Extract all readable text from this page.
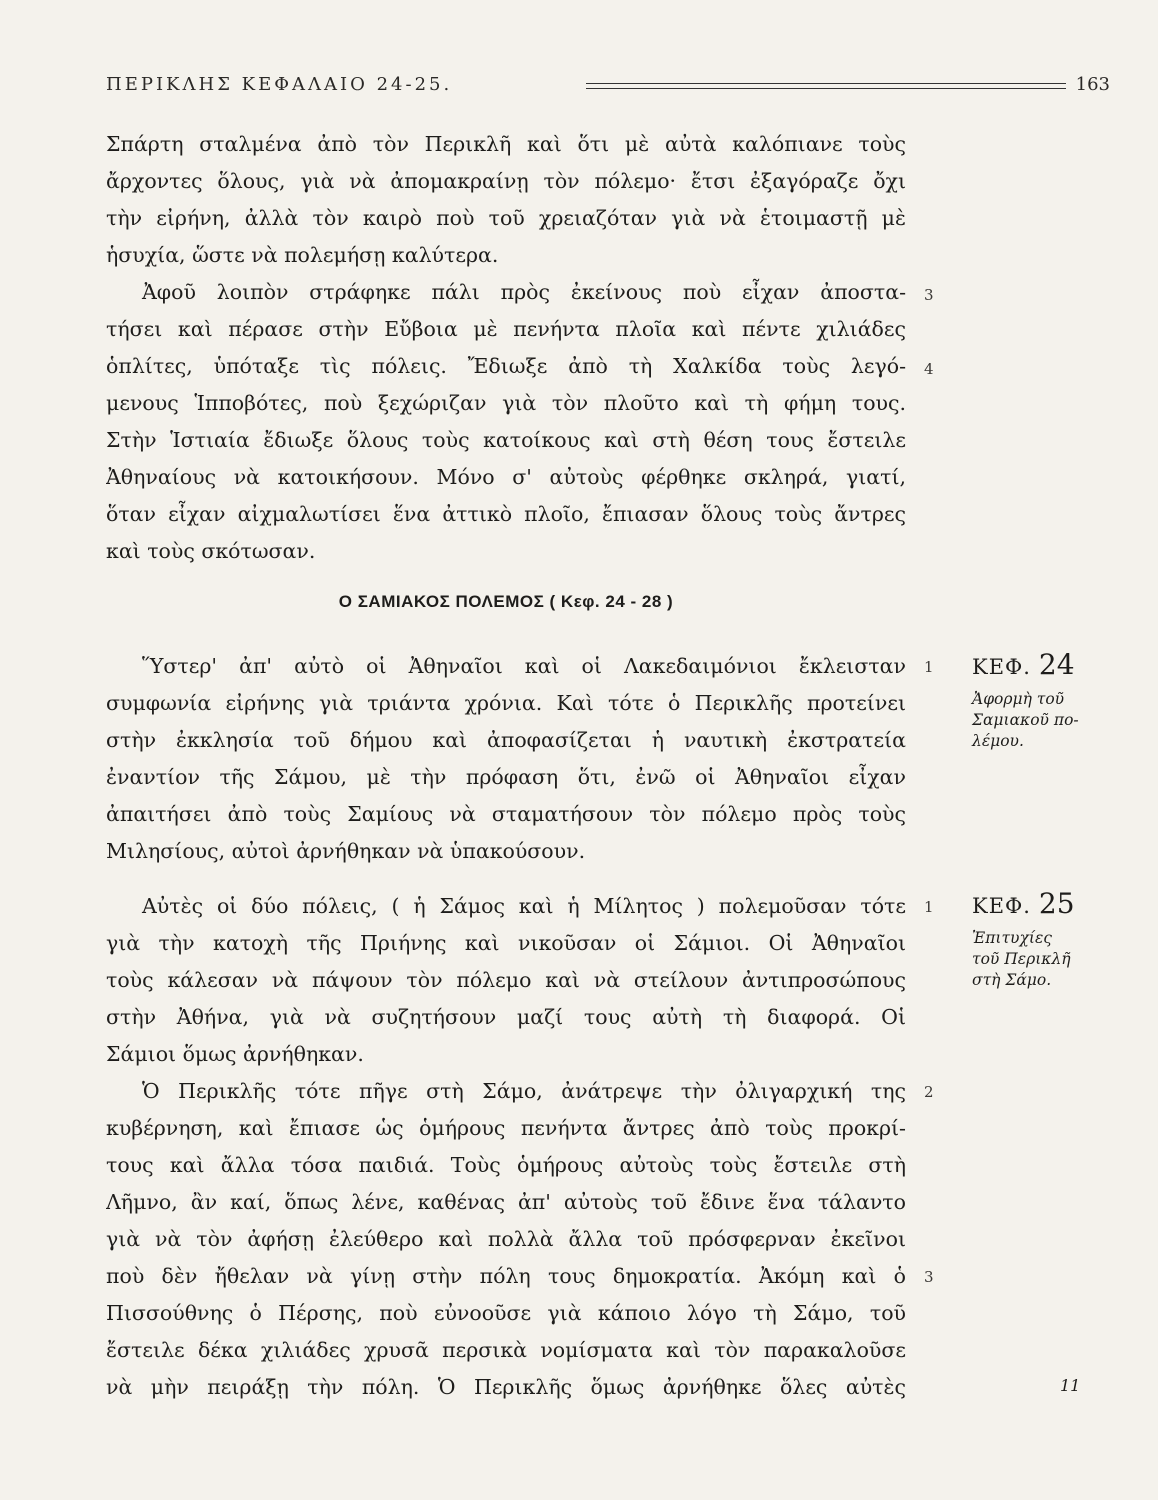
ΠΕΡΙΚΛΗΣ ΚΕΦΑΛΑΙΟ 24-25.	163
Σπάρτη σταλμένα ἀπὸ τὸν Περικλῆ καὶ ὅτι μὲ αὐτὰ καλόπιανε τοὺς
ἄρχοντες ὅλους, γιὰ νὰ ἀπομακραίνῃ τὸν πόλεμο· ἔτσι ἐξαγόραζε ὄχι
τὴν εἰρήνη, ἀλλὰ τὸν καιρὸ ποὺ τοῦ χρειαζόταν γιὰ νὰ ἑτοιμαστῇ μὲ
ἡσυχία, ὥστε νὰ πολεμήσῃ καλύτερα.
Ἀφοῦ λοιπὸν στράφηκε πάλι πρὸς ἐκείνους ποὺ εἶχαν ἀποστα-
τήσει καὶ πέρασε στὴν Εὔβοια μὲ πενήντα πλοῖα καὶ πέντε χιλιάδες
ὁπλίτες, ὑπόταξε τὶς πόλεις. Ἔδιωξε ἀπὸ τὴ Χαλκίδα τοὺς λεγό-
μενους Ἱπποβότες, ποὺ ξεχώριζαν γιὰ τὸν πλοῦτο καὶ τὴ φήμη τους.
Στὴν Ἱστιαία ἔδιωξε ὅλους τοὺς κατοίκους καὶ στὴ θέση τους ἔστειλε
Ἀθηναίους νὰ κατοικήσουν. Μόνο σ' αὐτοὺς φέρθηκε σκληρά, γιατί,
ὅταν εἶχαν αἰχμαλωτίσει ἕνα ἀττικὸ πλοῖο, ἔπιασαν ὅλους τοὺς ἄντρες
καὶ τοὺς σκότωσαν.
Ο ΣΑΜΙΑΚΟΣ ΠΟΛΕΜΟΣ ( Κεφ. 24 - 28 )
Ὕστερ' ἀπ' αὐτὸ οἱ Ἀθηναῖοι καὶ οἱ Λακεδαιμόνιοι ἔκλεισταν
συμφωνία εἰρήνης γιὰ τριάντα χρόνια. Καὶ τότε ὁ Περικλῆς προτείνει
στὴν ἐκκλησία τοῦ δήμου καὶ ἀποφασίζεται ἡ ναυτικὴ ἐκστρατεία
ἐναντίον τῆς Σάμου, μὲ τὴν πρόφαση ὅτι, ἐνῶ οἱ Ἀθηναῖοι εἶχαν
ἀπαιτήσει ἀπὸ τοὺς Σαμίους νὰ σταματήσουν τὸν πόλεμο πρὸς τοὺς
Μιλησίους, αὐτοὶ ἀρνήθηκαν νὰ ὑπακούσουν.
Αὐτὲς οἱ δύο πόλεις, ( ἡ Σάμος καὶ ἡ Μίλητος ) πολεμοῦσαν τότε
γιὰ τὴν κατοχὴ τῆς Πριήνης καὶ νικοῦσαν οἱ Σάμιοι. Οἱ Ἀθηναῖοι
τοὺς κάλεσαν νὰ πάψουν τὸν πόλεμο καὶ νὰ στείλουν ἀντιπροσώπους
στὴν Ἀθήνα, γιὰ νὰ συζητήσουν μαζί τους αὐτὴ τὴ διαφορά. Οἱ
Σάμιοι ὅμως ἀρνήθηκαν.
Ὁ Περικλῆς τότε πῆγε στὴ Σάμο, ἀνάτρεψε τὴν ὀλιγαρχική της
κυβέρνηση, καὶ ἔπιασε ὡς ὁμήρους πενήντα ἄντρες ἀπὸ τοὺς προκρί-
τους καὶ ἄλλα τόσα παιδιά. Τοὺς ὁμήρους αὐτοὺς τοὺς ἔστειλε στὴ
Λῆμνο, ἂν καί, ὅπως λένε, καθένας ἀπ' αὐτοὺς τοῦ ἔδινε ἕνα τάλαντο
γιὰ νὰ τὸν ἀφήσῃ ἐλεύθερο καὶ πολλὰ ἄλλα τοῦ πρόσφερναν ἐκεῖνοι
ποὺ δὲν ἤθελαν νὰ γίνῃ στὴν πόλη τους δημοκρατία. Ἀκόμη καὶ ὁ
Πισσούθνης ὁ Πέρσης, ποὺ εὐνοοῦσε γιὰ κάποιο λόγο τὴ Σάμο, τοῦ
ἔστειλε δέκα χιλιάδες χρυσᾶ περσικὰ νομίσματα καὶ τὸν παρακαλοῦσε
νὰ μὴν πειράξῃ τὴν πόλη. Ὁ Περικλῆς ὅμως ἀρνήθηκε ὅλες αὐτὲς
3
4
1
1
2
3
ΚΕΦ. 24
Ἀφορμὴ τοῦ
Σαμιακοῦ πο-
λέμου.
ΚΕΦ. 25
Ἐπιτυχίες
τοῦ Περικλῆ
στὴ Σάμο.
11
